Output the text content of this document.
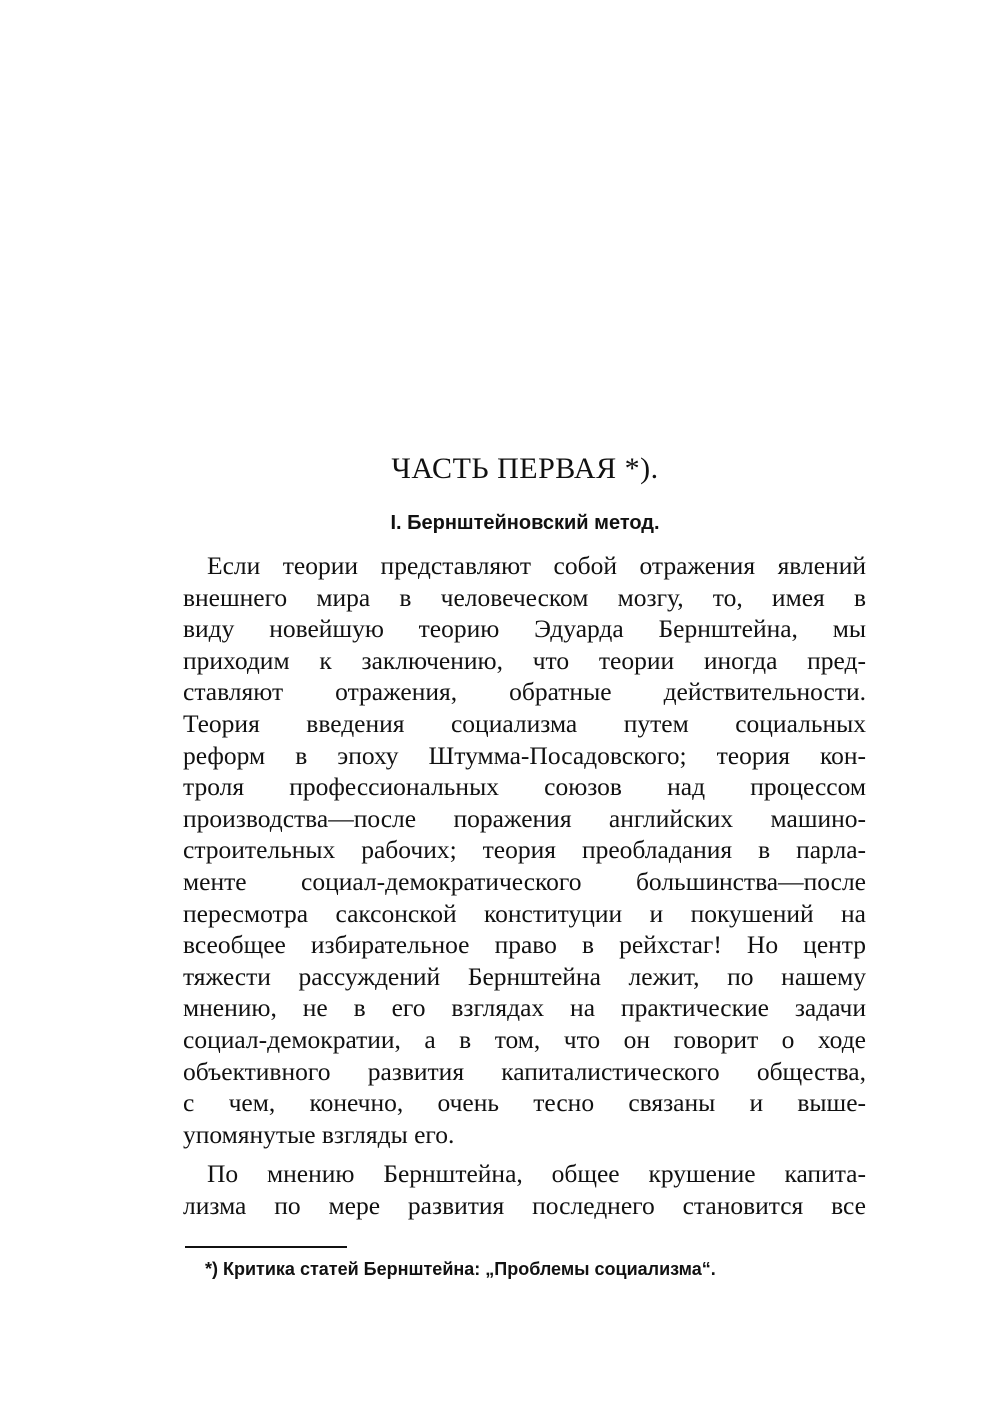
ЧАСТЬ ПЕРВАЯ *).
I. Бернштейновский метод.
Если теории представляют собой отражения явлений
внешнего мира в человеческом мозгу, то, имея в
виду новейшую теорию Эдуарда Бернштейна, мы
приходим к заключению, что теории иногда пред-
ставляют отражения, обратные действительности.
Теория введения социализма путем социальных
реформ в эпоху Штумма-Посадовского; теория кон-
троля профессиональных союзов над процессом
производства—после поражения английских машино-
строительных рабочих; теория преобладания в парла-
менте социал-демократического большинства—после
пересмотра саксонской конституции и покушений на
всеобщее избирательное право в рейхстаг! Но центр
тяжести рассуждений Бернштейна лежит, по нашему
мнению, не в его взглядах на практические задачи
социал-демократии, а в том, что он говорит о ходе
объективного развития капиталистического общества,
с чем, конечно, очень тесно связаны и выше-
упомянутые взгляды его.
По мнению Бернштейна, общее крушение капита-
лизма по мере развития последнего становится все
*) Критика статей Бернштейна: „Проблемы социализма“.
